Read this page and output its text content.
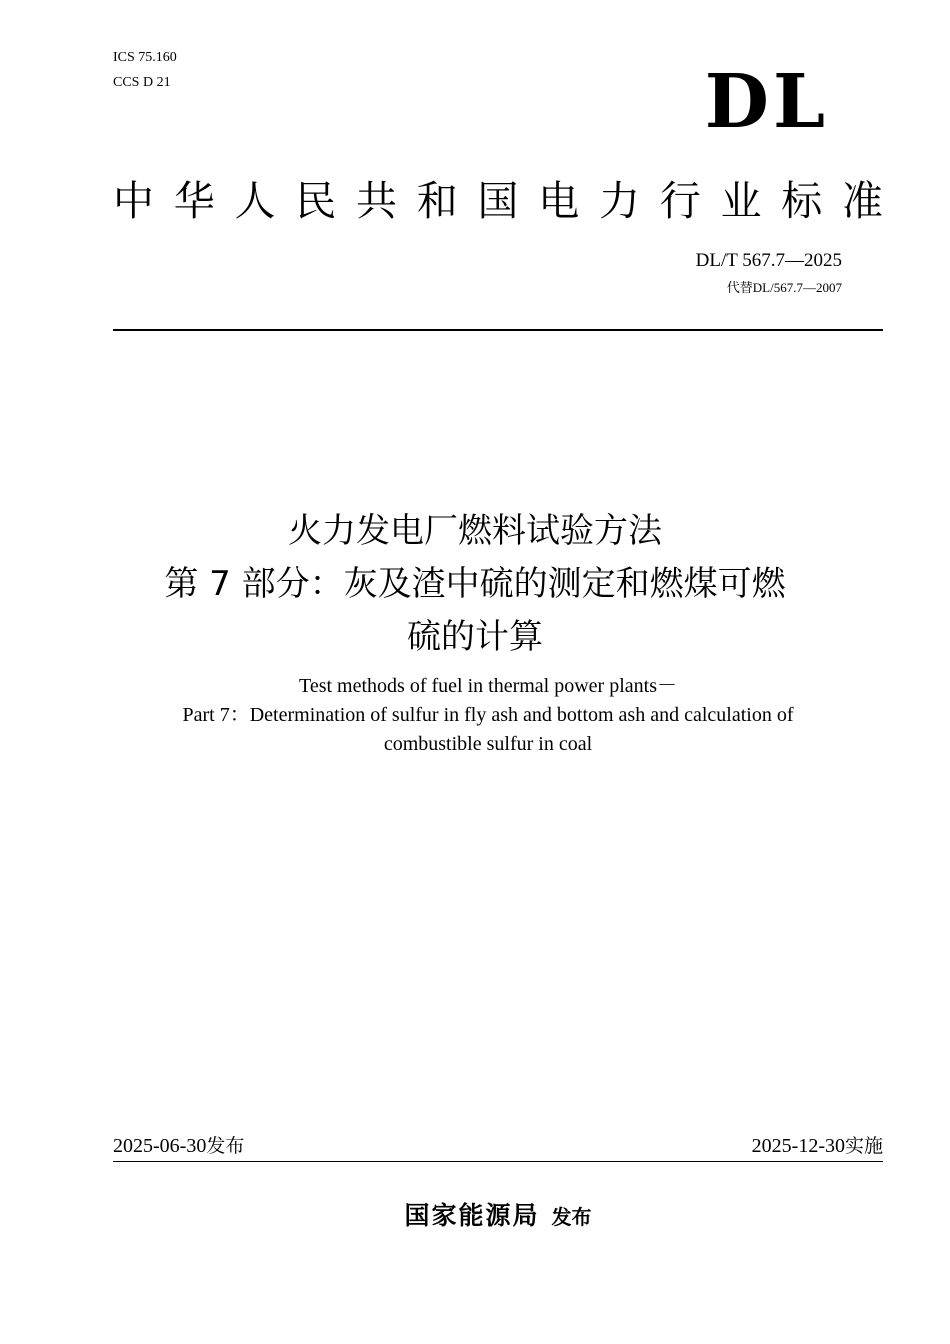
ICS 75.160
CCS D 21	DL
中 华 人 民 共 和 国 电 力 行 业 标 准
DL/T 567.7—2025
代替DL/567.7—2007
火力发电厂燃料试验方法
第 7 部分：灰及渣中硫的测定和燃煤可燃
硫的计算
Test methods of fuel in thermal power plants－
Part 7：Determination of sulfur in fly ash and bottom ash and calculation of
combustible sulfur in coal
2025-06-30发布	2025-12-30实施
国家能源局 发布
